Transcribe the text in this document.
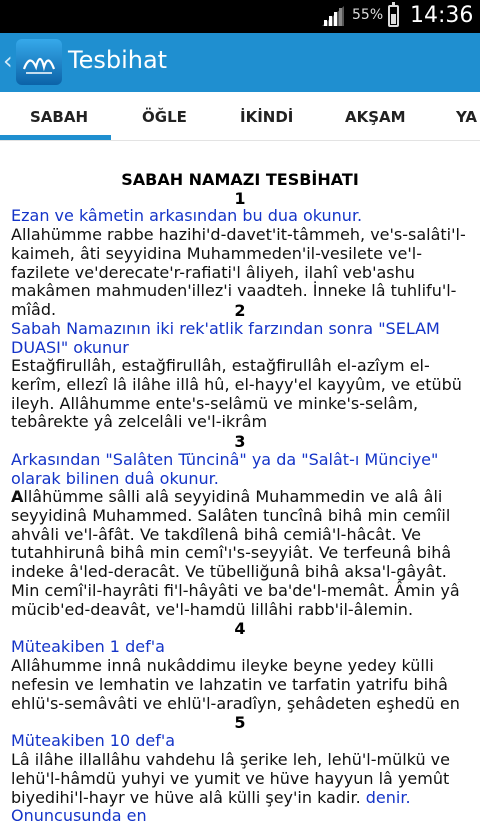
55% 14:36
‹ Tesbihat
SABAH	ÖĞLE	İKİNDİ	AKŞAM	YA
SABAH NAMAZI TESBİHATI
1
Ezan ve kâmetin arkasından bu dua okunur.
Allahümme rabbe hazihi'd-davet'it-tâmmeh, ve's-salâti'l-kaimeh, âti seyyidina Muhammeden'il-vesilete ve'l-fazilete ve'derecate'r-rafiati'l âliyeh, ilahî veb'ashu makâmen mahmuden'illez'i vaadteh. İnneke lâ tuhlifu'l-mîâd.	2
Sabah Namazının iki rek'atlik farzından sonra "SELAM DUASI" okunur
Estağfirullâh, estağfirullâh, estağfirullâh el-azîym el-kerîm, ellezî lâ ilâhe illâ hû, el-hayy'el kayyûm, ve etübü ileyh. Allâhumme ente's-selâmü ve minke's-selâm, tebârekte yâ zelcelâli ve'l-ikrâm
3
Arkasından "Salâten Tüncinâ" ya da "Salât-ı Münciye" olarak bilinen duâ okunur.
Allâhümme sâlli alâ seyyidinâ Muhammedin ve alâ âli seyyidinâ Muhammed. Salâten tuncînâ bihâ min cemîil ahvâli ve'l-âfât. Ve takdîlenâ bihâ cemiâ'l-hâcât. Ve tutahhirunâ bihâ min cemî'ı's-seyyiât. Ve terfeunâ bihâ indeke â'led-deracât. Ve tübelliğunâ bihâ aksa'l-gâyât. Min cemî'il-hayrâti fi'l-hâyâti ve ba'de'l-memât. Âmin yâ mücib'ed-deavât, ve'l-hamdü lillâhi rabb'il-âlemin.
4
Müteakiben 1 def'a
Allâhumme innâ nukâddimu ileyke beyne yedey külli nefesin ve lemhatin ve lahzatin ve tarfatin yatrifu bihâ ehlü's-semâvâti ve ehlü'l-aradîyn, şehâdeten eşhedü en
5
Müteakiben 10 def'a
Lâ ilâhe illallâhu vahdehu lâ şerike leh, lehü'l-mülkü ve lehü'l-hâmdü yuhyi ve yumit ve hüve hayyun lâ yemût biyedihi'l-hayr ve hüve alâ külli şey'in kadir. denir. Onuncusunda en
